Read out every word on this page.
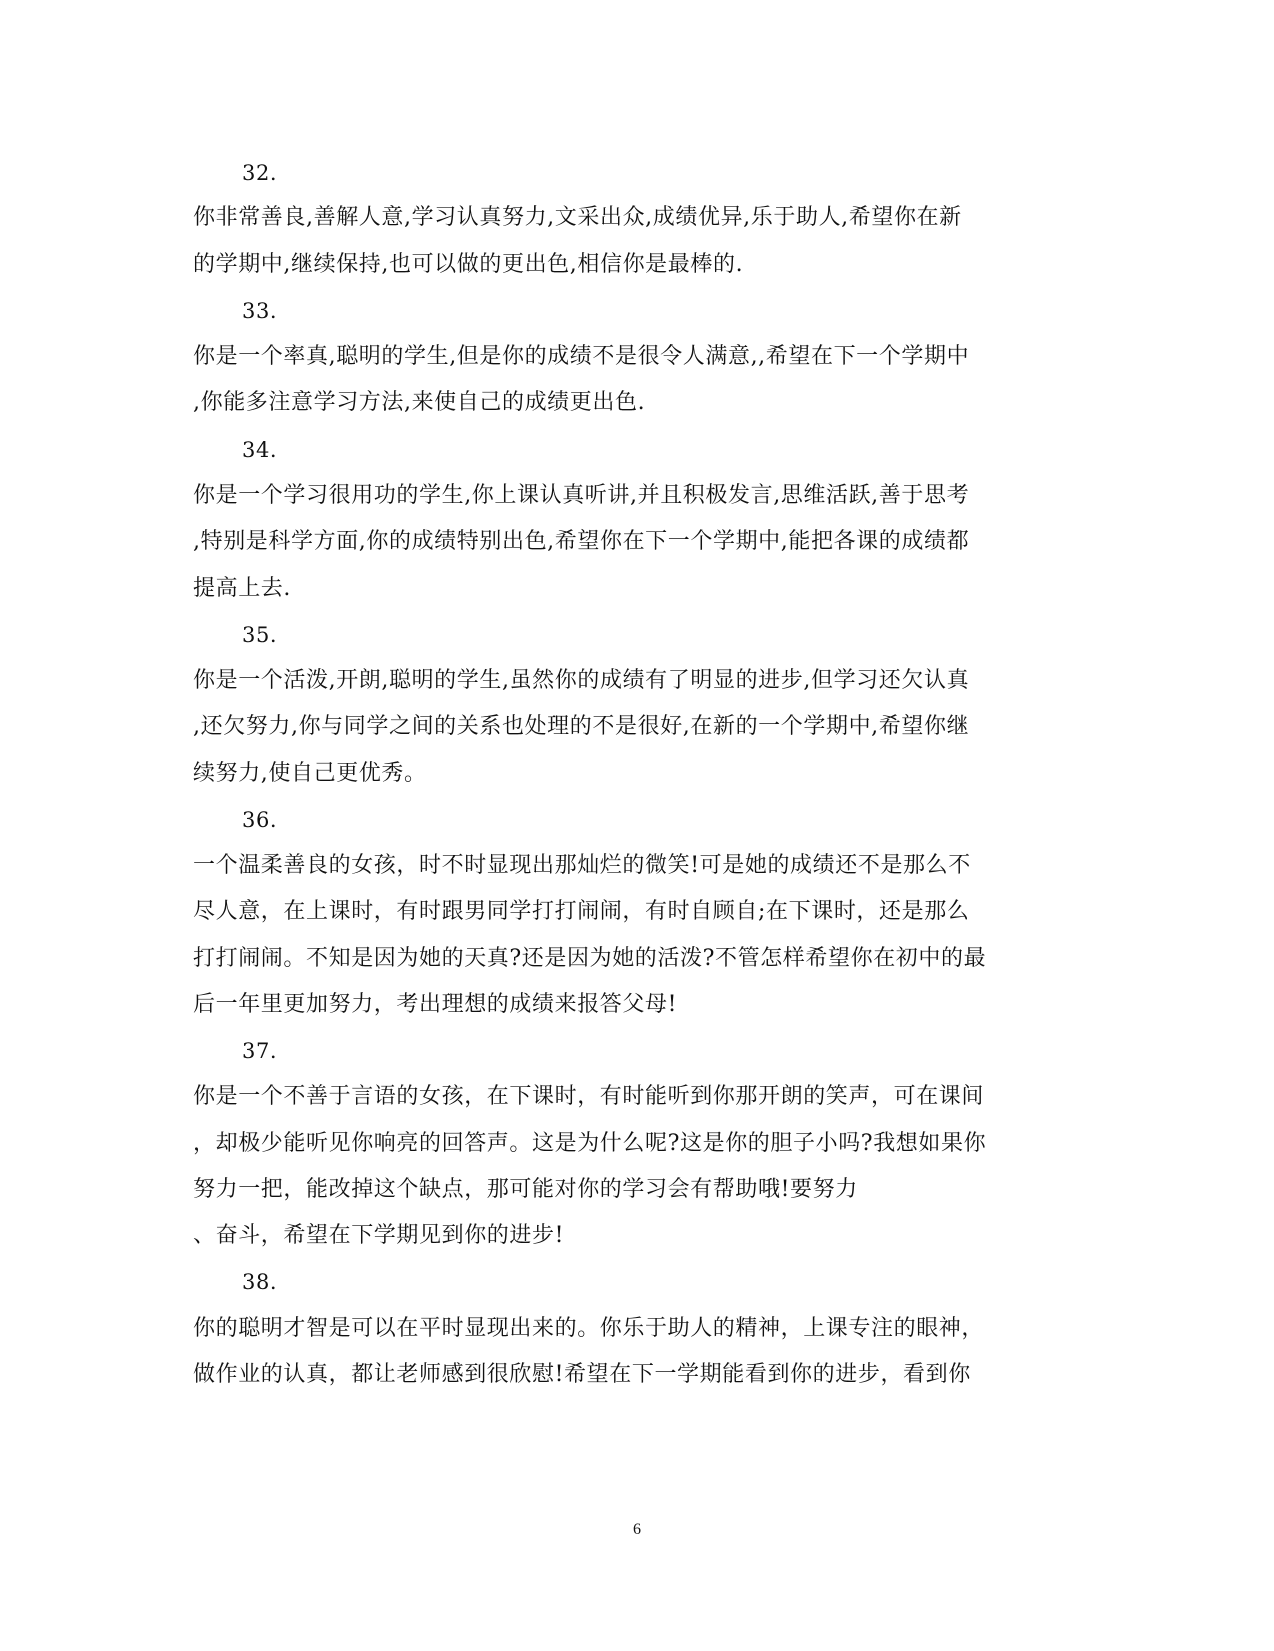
32.
你非常善良,善解人意,学习认真努力,文采出众,成绩优异,乐于助人,希望你在新
的学期中,继续保持,也可以做的更出色,相信你是最棒的.
33.
你是一个率真,聪明的学生,但是你的成绩不是很令人满意,,希望在下一个学期中
,你能多注意学习方法,来使自己的成绩更出色.
34.
你是一个学习很用功的学生,你上课认真听讲,并且积极发言,思维活跃,善于思考
,特别是科学方面,你的成绩特别出色,希望你在下一个学期中,能把各课的成绩都
提高上去.
35.
你是一个活泼,开朗,聪明的学生,虽然你的成绩有了明显的进步,但学习还欠认真
,还欠努力,你与同学之间的关系也处理的不是很好,在新的一个学期中,希望你继
续努力,使自己更优秀。
36.
一个温柔善良的女孩，时不时显现出那灿烂的微笑!可是她的成绩还不是那么不
尽人意，在上课时，有时跟男同学打打闹闹，有时自顾自;在下课时，还是那么
打打闹闹。不知是因为她的天真?还是因为她的活泼?不管怎样希望你在初中的最
后一年里更加努力，考出理想的成绩来报答父母!
37.
你是一个不善于言语的女孩，在下课时，有时能听到你那开朗的笑声，可在课间
，却极少能听见你响亮的回答声。这是为什么呢?这是你的胆子小吗?我想如果你
努力一把，能改掉这个缺点，那可能对你的学习会有帮助哦!要努力
、奋斗，希望在下学期见到你的进步!
38.
你的聪明才智是可以在平时显现出来的。你乐于助人的精神，上课专注的眼神，
做作业的认真，都让老师感到很欣慰!希望在下一学期能看到你的进步，看到你
6
